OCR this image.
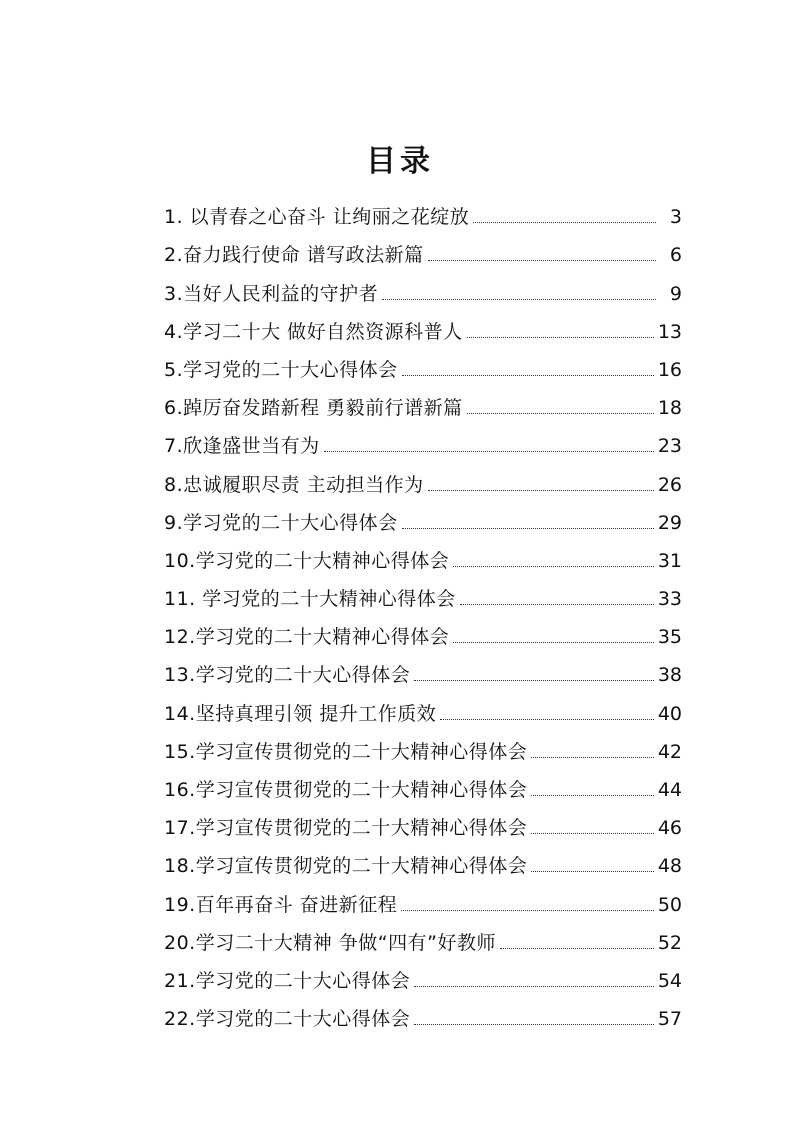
目录
1. 以青春之心奋斗 让绚丽之花绽放	3
2.奋力践行使命 谱写政法新篇	6
3.当好人民利益的守护者	9
4.学习二十大 做好自然资源科普人	13
5.学习党的二十大心得体会	16
6.踔厉奋发踏新程 勇毅前行谱新篇	18
7.欣逢盛世当有为	23
8.忠诚履职尽责 主动担当作为	26
9.学习党的二十大心得体会	29
10.学习党的二十大精神心得体会	31
11. 学习党的二十大精神心得体会	33
12.学习党的二十大精神心得体会	35
13.学习党的二十大心得体会	38
14.坚持真理引领 提升工作质效	40
15.学习宣传贯彻党的二十大精神心得体会	42
16.学习宣传贯彻党的二十大精神心得体会	44
17.学习宣传贯彻党的二十大精神心得体会	46
18.学习宣传贯彻党的二十大精神心得体会	48
19.百年再奋斗 奋进新征程	50
20.学习二十大精神 争做“四有”好教师	52
21.学习党的二十大心得体会	54
22.学习党的二十大心得体会	57
